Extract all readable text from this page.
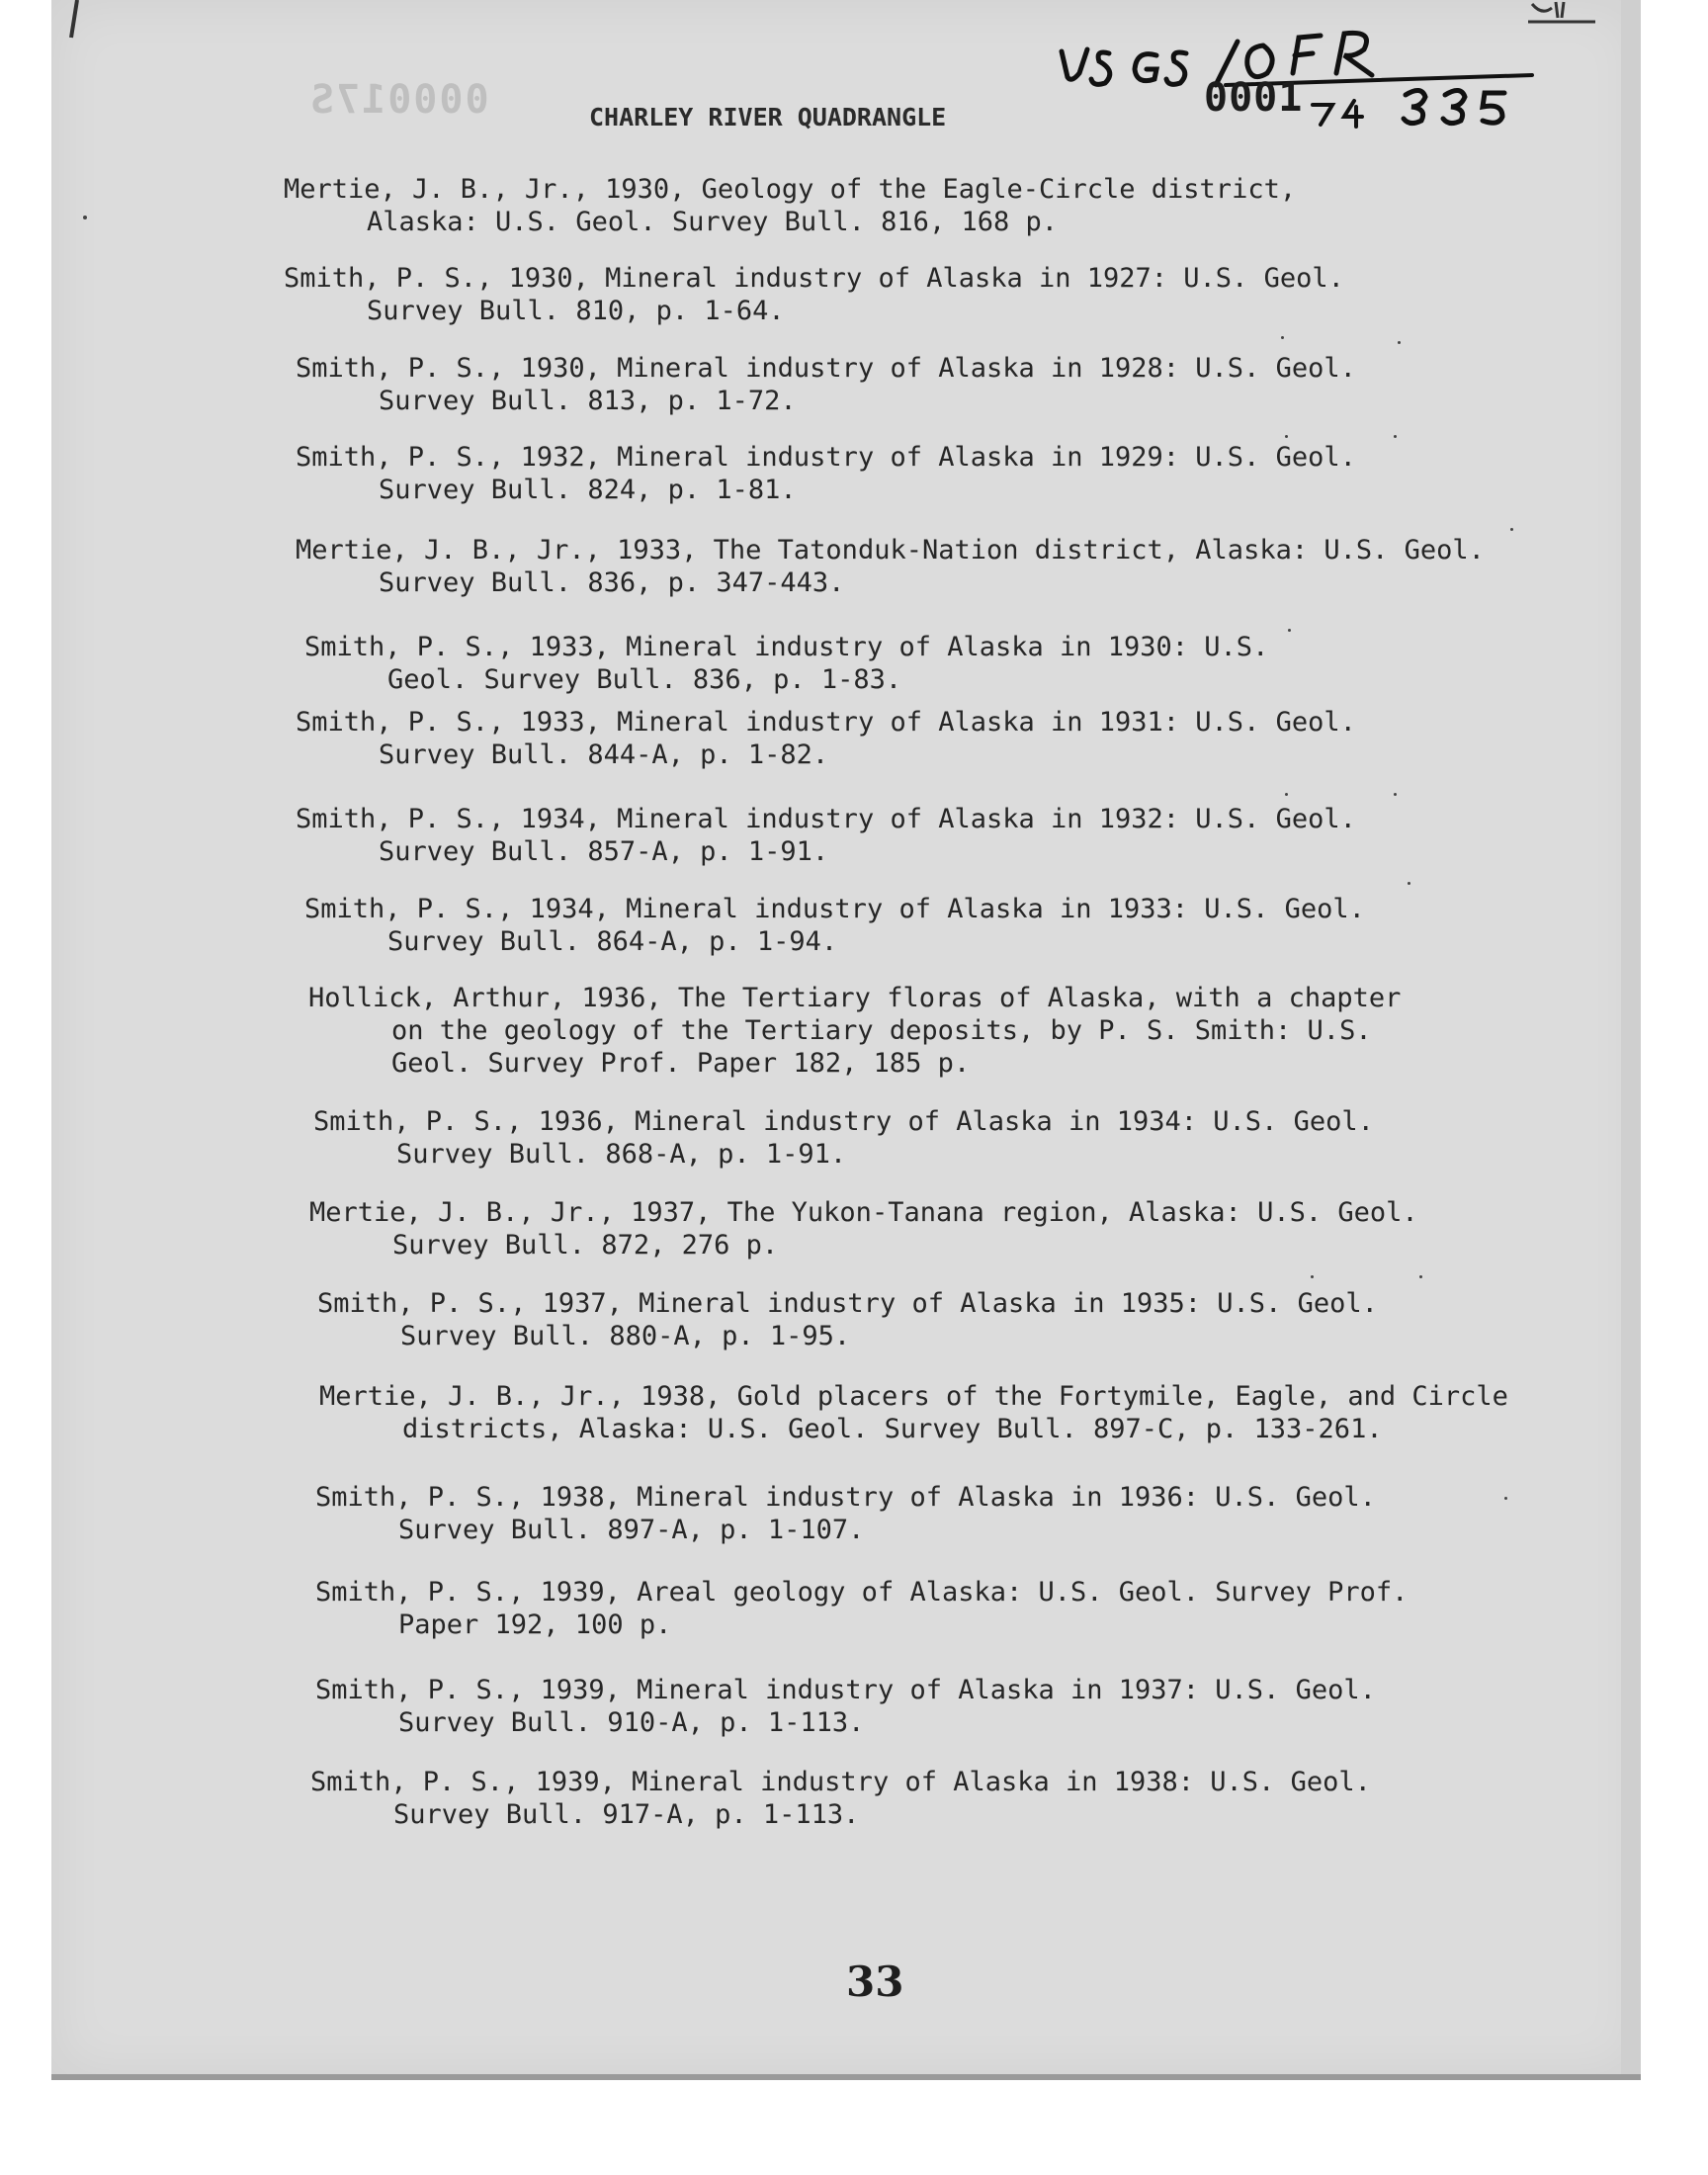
000017S	CHARLEY RIVER QUADRANGLE	0001
Mertie, J. B., Jr., 1930, Geology of the Eagle-Circle district,
Alaska: U.S. Geol. Survey Bull. 816, 168 p.
Smith, P. S., 1930, Mineral industry of Alaska in 1927: U.S. Geol.
Survey Bull. 810, p. 1-64.
Smith, P. S., 1930, Mineral industry of Alaska in 1928: U.S. Geol.
Survey Bull. 813, p. 1-72.
Smith, P. S., 1932, Mineral industry of Alaska in 1929: U.S. Geol.
Survey Bull. 824, p. 1-81.
Mertie, J. B., Jr., 1933, The Tatonduk-Nation district, Alaska: U.S. Geol.
Survey Bull. 836, p. 347-443.
Smith, P. S., 1933, Mineral industry of Alaska in 1930: U.S.
Geol. Survey Bull. 836, p. 1-83.
Smith, P. S., 1933, Mineral industry of Alaska in 1931: U.S. Geol.
Survey Bull. 844-A, p. 1-82.
Smith, P. S., 1934, Mineral industry of Alaska in 1932: U.S. Geol.
Survey Bull. 857-A, p. 1-91.
Smith, P. S., 1934, Mineral industry of Alaska in 1933: U.S. Geol.
Survey Bull. 864-A, p. 1-94.
Hollick, Arthur, 1936, The Tertiary floras of Alaska, with a chapter
on the geology of the Tertiary deposits, by P. S. Smith: U.S.
Geol. Survey Prof. Paper 182, 185 p.
Smith, P. S., 1936, Mineral industry of Alaska in 1934: U.S. Geol.
Survey Bull. 868-A, p. 1-91.
Mertie, J. B., Jr., 1937, The Yukon-Tanana region, Alaska: U.S. Geol.
Survey Bull. 872, 276 p.
Smith, P. S., 1937, Mineral industry of Alaska in 1935: U.S. Geol.
Survey Bull. 880-A, p. 1-95.
Mertie, J. B., Jr., 1938, Gold placers of the Fortymile, Eagle, and Circle
districts, Alaska: U.S. Geol. Survey Bull. 897-C, p. 133-261.
Smith, P. S., 1938, Mineral industry of Alaska in 1936: U.S. Geol.
Survey Bull. 897-A, p. 1-107.
Smith, P. S., 1939, Areal geology of Alaska: U.S. Geol. Survey Prof.
Paper 192, 100 p.
Smith, P. S., 1939, Mineral industry of Alaska in 1937: U.S. Geol.
Survey Bull. 910-A, p. 1-113.
Smith, P. S., 1939, Mineral industry of Alaska in 1938: U.S. Geol.
Survey Bull. 917-A, p. 1-113.
33
